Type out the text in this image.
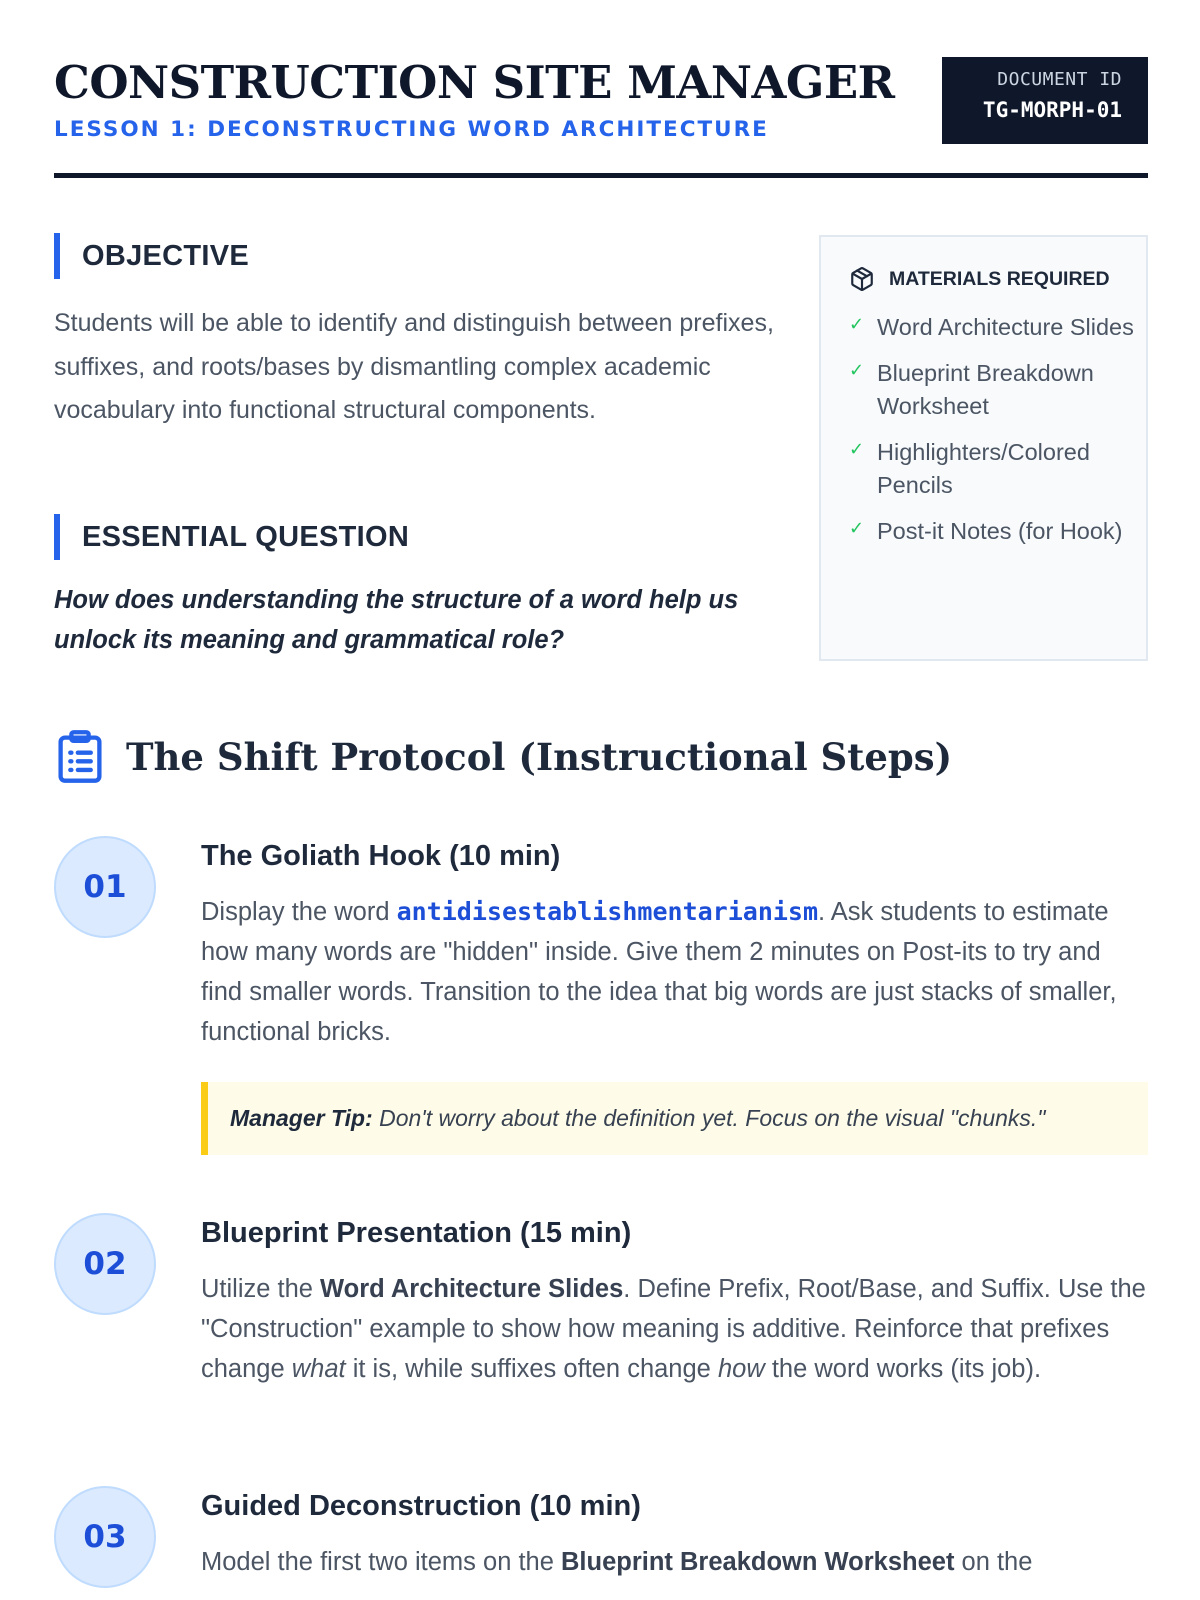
CONSTRUCTION SITE MANAGER
LESSON 1: DECONSTRUCTING WORD ARCHITECTURE
DOCUMENT ID
TG-MORPH-01
OBJECTIVE

Students will be able to identify and distinguish between prefixes, suffixes, and roots/bases by dismantling complex academic vocabulary into functional structural components.

ESSENTIAL QUESTION

How does understanding the structure of a word help us unlock its meaning and grammatical role?

MATERIALS REQUIRED
✓ Word Architecture Slides
✓ Blueprint Breakdown Worksheet
✓ Highlighters/Colored Pencils
✓ Post-it Notes (for Hook)
The Shift Protocol (Instructional Steps)
01
The Goliath Hook (10 min)

Display the word antidisestablishmentarianism. Ask students to estimate how many words are "hidden" inside. Give them 2 minutes on Post-its to try and find smaller words. Transition to the idea that big words are just stacks of smaller, functional bricks.

Manager Tip: Don't worry about the definition yet. Focus on the visual "chunks."
02
Blueprint Presentation (15 min)

Utilize the Word Architecture Slides. Define Prefix, Root/Base, and Suffix. Use the "Construction" example to show how meaning is additive. Reinforce that prefixes change what it is, while suffixes often change how the word works (its job).

03
Guided Deconstruction (10 min)

Model the first two items on the Blueprint Breakdown Worksheet on the
